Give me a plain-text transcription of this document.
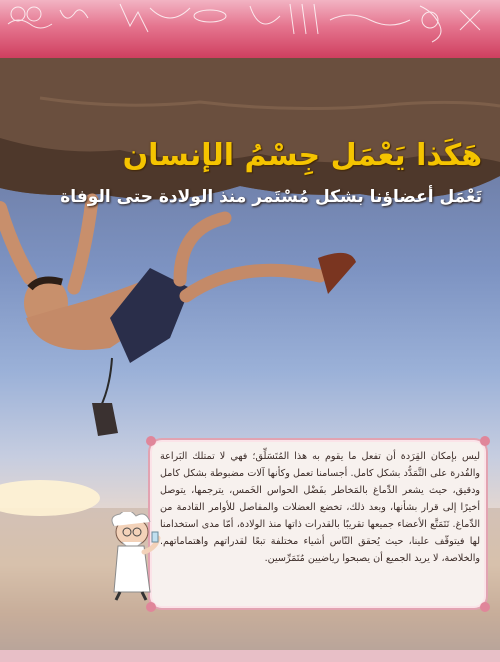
هَكَذا يَعْمَل جِسْمُ الإنسان
تَعْمَل أعضاؤنا بشكل مُسْتَمر منذ الولادة حتى الوفاة

ليس بإمكان القِرَدة أن تفعل ما يقوم به هذا المُتَسَلِّق؛ فهي لا تمتلك البَراعة والقُدرة على التَّمَدُّد بشكل كامل. أجسامنا تعمل وكأنها آلات مضبوطة بشكل كامل ودقيق، حيث يشعر الدِّماغ بالمَخاطر بفَضْل الحواس الخَمس، يترجمها، يتوصل أخيرًا إلى قرار بشأنها، وبعد ذلك، تخضع العضلات والمفاصل للأوامر القادمة من الدِّماغ. تَتَمَتَّع الأعضاء جميعها تقريبًا بالقدرات ذاتها منذ الولادة، أمّا مدى استخدامنا لها فيتوقّف علينا، حيث يُحقق النّاس أشياء مختلفة تبعًا لقدراتهم واهتماماتهم. والخلاصة، لا يريد الجميع أن يصبحوا رياضيين مُتَمَرِّسين.
